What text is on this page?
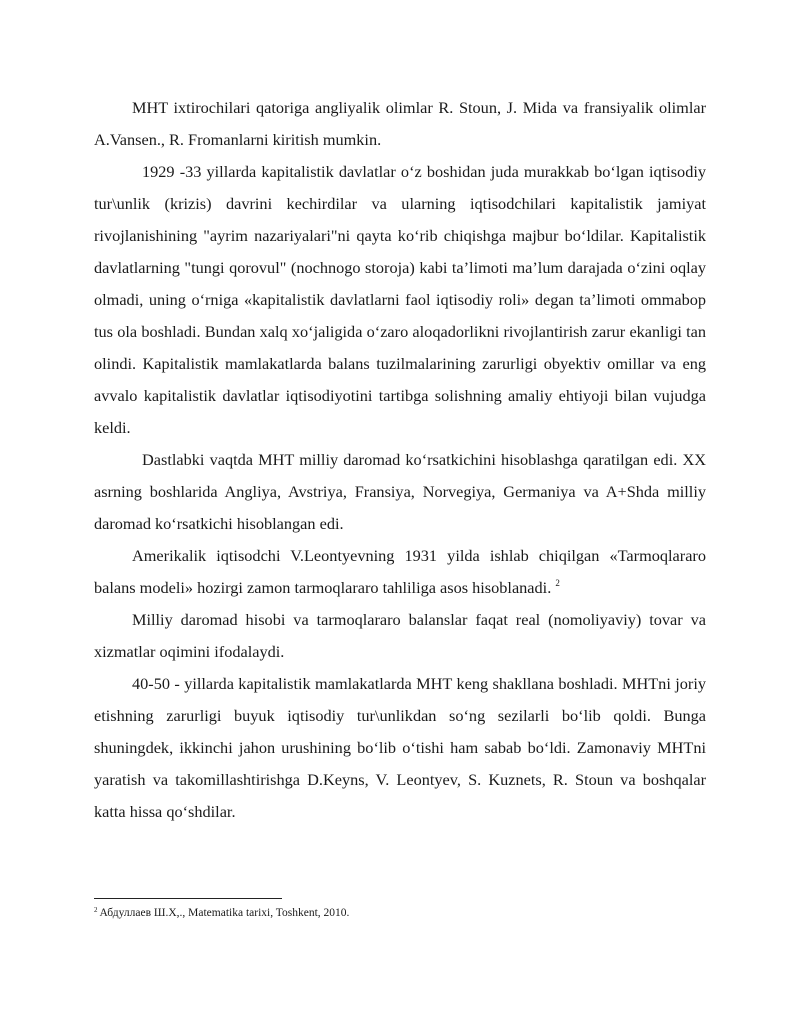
MHT ixtirochilari qatoriga angliyalik olimlar R. Stoun, J. Mida va fransiyalik olimlar A.Vansen., R. Fromanlarni kiritish mumkin.

1929 -33 yillarda kapitalistik davlatlar o‘z boshidan juda murakkab bo‘lgan iqtisodiy tur\unlik (krizis) davrini kechirdilar va ularning iqtisodchilari kapitalistik jamiyat rivojlanishining "ayrim nazariyalari"ni qayta ko‘rib chiqishga majbur bo‘ldilar. Kapitalistik davlatlarning "tungi qorovul" (nochnogo storoja) kabi ta’limoti ma’lum darajada o‘zini oqlay olmadi, uning o‘rniga «kapitalistik davlatlarni faol iqtisodiy roli» degan ta’limoti ommabop tus ola boshladi. Bundan xalq xo‘jaligida o‘zaro aloqadorlikni rivojlantirish zarur ekanligi tan olindi. Kapitalistik mamlakatlarda balans tuzilmalarining zarurligi obyektiv omillar va eng avvalo kapitalistik davlatlar iqtisodiyotini tartibga solishning amaliy ehtiyoji bilan vujudga keldi.

Dastlabki vaqtda MHT milliy daromad ko‘rsatkichini hisoblashga qaratilgan edi. XX asrning boshlarida Angliya, Avstriya, Fransiya, Norvegiya, Germaniya va A+Shda milliy daromad ko‘rsatkichi hisoblangan edi.

Amerikalik iqtisodchi V.Leontyevning 1931 yilda ishlab chiqilgan «Tarmoqlararo balans modeli» hozirgi zamon tarmoqlararo tahliliga asos hisoblanadi. $^2$

Milliy daromad hisobi va tarmoqlararo balanslar faqat real (nomoliyaviy) tovar va xizmatlar oqimini ifodalaydi.

40-50 - yillarda kapitalistik mamlakatlarda MHT keng shakllana boshladi. MHTni joriy etishning zarurligi buyuk iqtisodiy tur\unlikdan so‘ng sezilarli bo‘lib qoldi. Bunga shuningdek, ikkinchi jahon urushining bo‘lib o‘tishi ham sabab bo‘ldi. Zamonaviy MHTni yaratish va takomillashtirishga D.Keyns, V. Leontyev, S. Kuznets, R. Stoun va boshqalar katta hissa qo‘shdilar.

$^2$ Абдуллаев Ш.Х,., Matematika tarixi, Toshkent, 2010.
